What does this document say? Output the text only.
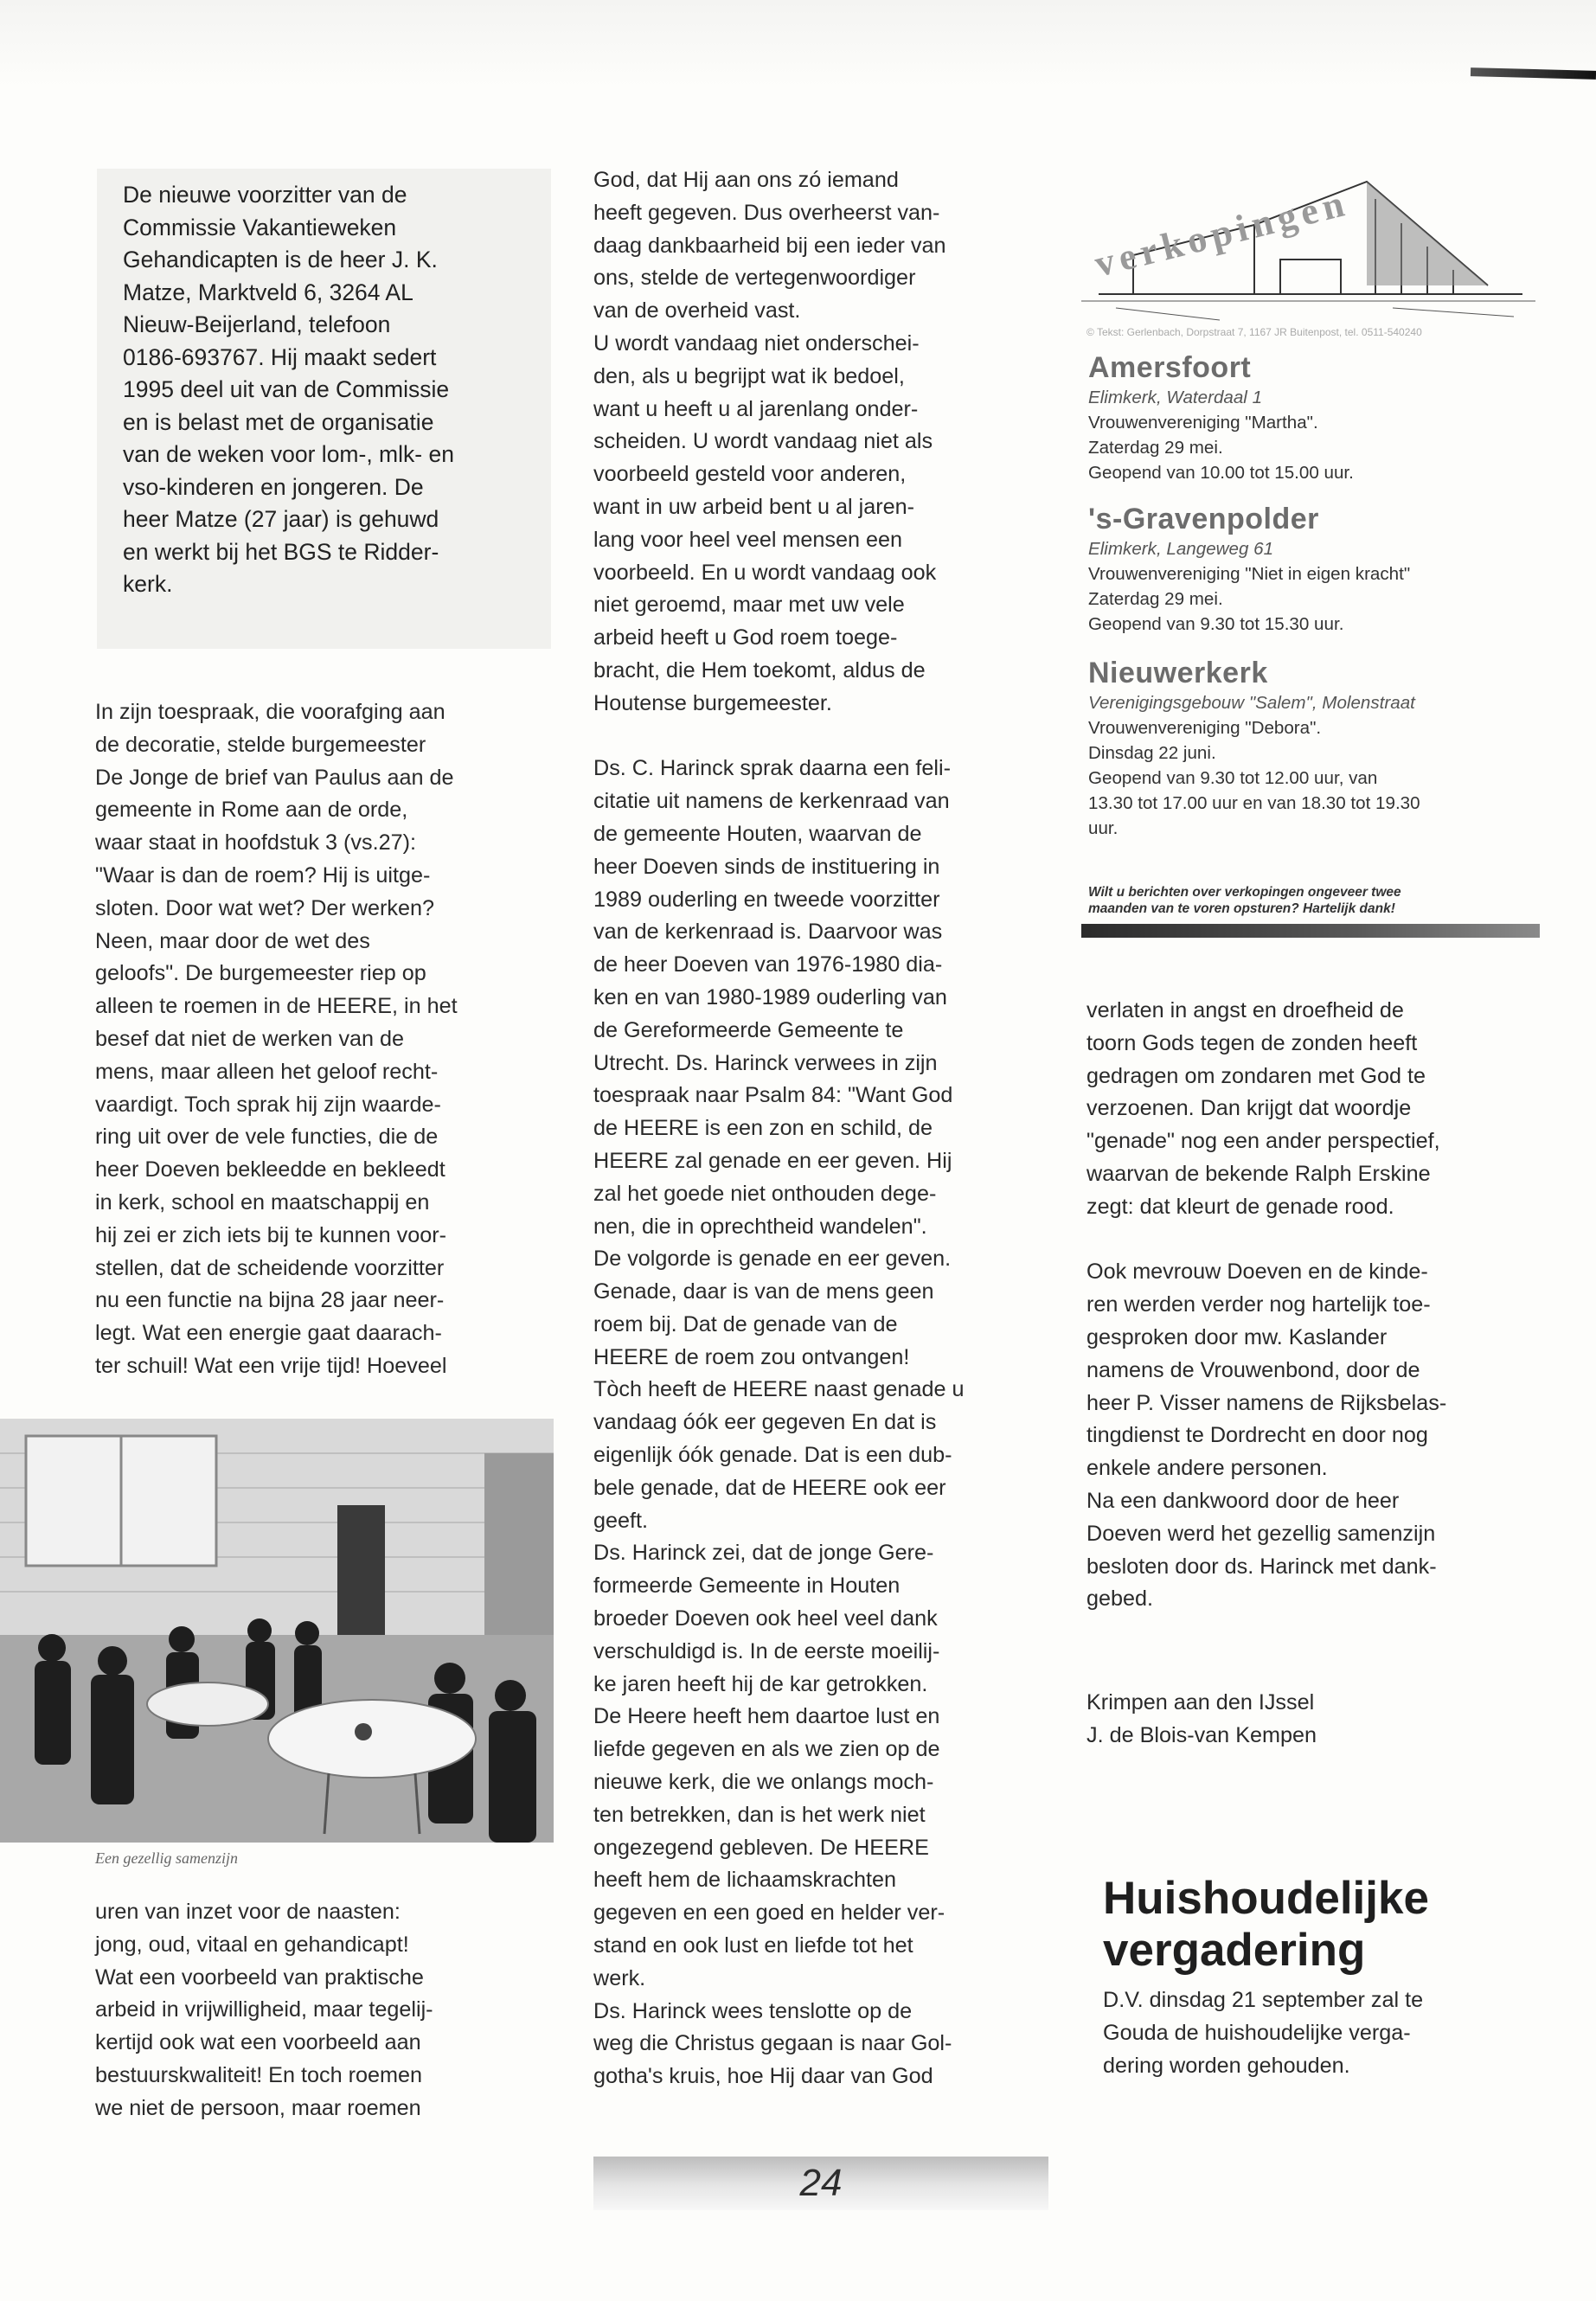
De nieuwe voorzitter van de
Commissie Vakantieweken
Gehandicapten is de heer J. K.
Matze, Marktveld 6, 3264 AL
Nieuw-Beijerland, telefoon
0186-693767. Hij maakt sedert
1995 deel uit van de Commissie
en is belast met de organisatie
van de weken voor lom-, mlk- en
vso-kinderen en jongeren. De
heer Matze (27 jaar) is gehuwd
en werkt bij het BGS te Ridder-
kerk.

In zijn toespraak, die voorafging aan
de decoratie, stelde burgemeester
De Jonge de brief van Paulus aan de
gemeente in Rome aan de orde,
waar staat in hoofdstuk 3 (vs.27):
"Waar is dan de roem? Hij is uitge-
sloten. Door wat wet? Der werken?
Neen, maar door de wet des
geloofs". De burgemeester riep op
alleen te roemen in de HEERE, in het
besef dat niet de werken van de
mens, maar alleen het geloof recht-
vaardigt. Toch sprak hij zijn waarde-
ring uit over de vele functies, die de
heer Doeven bekleedde en bekleedt
in kerk, school en maatschappij en
hij zei er zich iets bij te kunnen voor-
stellen, dat de scheidende voorzitter
nu een functie na bijna 28 jaar neer-
legt. Wat een energie gaat daarach-
ter schuil! Wat een vrije tijd! Hoeveel

Een gezellig samenzijn

uren van inzet voor de naasten:
jong, oud, vitaal en gehandicapt!
Wat een voorbeeld van praktische
arbeid in vrijwilligheid, maar tegelij-
kertijd ook wat een voorbeeld aan
bestuurskwaliteit! En toch roemen
we niet de persoon, maar roemen

God, dat Hij aan ons zó iemand
heeft gegeven. Dus overheerst van-
daag dankbaarheid bij een ieder van
ons, stelde de vertegenwoordiger
van de overheid vast.

U wordt vandaag niet onderschei-
den, als u begrijpt wat ik bedoel,
want u heeft u al jarenlang onder-
scheiden. U wordt vandaag niet als
voorbeeld gesteld voor anderen,
want in uw arbeid bent u al jaren-
lang voor heel veel mensen een
voorbeeld. En u wordt vandaag ook
niet geroemd, maar met uw vele
arbeid heeft u God roem toege-
bracht, die Hem toekomt, aldus de
Houtense burgemeester.

Ds. C. Harinck sprak daarna een feli-
citatie uit namens de kerkenraad van
de gemeente Houten, waarvan de
heer Doeven sinds de instituering in
1989 ouderling en tweede voorzitter
van de kerkenraad is. Daarvoor was
de heer Doeven van 1976-1980 dia-
ken en van 1980-1989 ouderling van
de Gereformeerde Gemeente te
Utrecht. Ds. Harinck verwees in zijn
toespraak naar Psalm 84: "Want God
de HEERE is een zon en schild, de
HEERE zal genade en eer geven. Hij
zal het goede niet onthouden dege-
nen, die in oprechtheid wandelen".
De volgorde is genade en eer geven.
Genade, daar is van de mens geen
roem bij. Dat de genade van de
HEERE de roem zou ontvangen!
Tòch heeft de HEERE naast genade u
vandaag óók eer gegeven En dat is
eigenlijk óók genade. Dat is een dub-
bele genade, dat de HEERE ook eer
geeft.

Ds. Harinck zei, dat de jonge Gere-
formeerde Gemeente in Houten
broeder Doeven ook heel veel dank
verschuldigd is. In de eerste moeilij-
ke jaren heeft hij de kar getrokken.
De Heere heeft hem daartoe lust en
liefde gegeven en als we zien op de
nieuwe kerk, die we onlangs moch-
ten betrekken, dan is het werk niet
ongezegend gebleven. De HEERE
heeft hem de lichaamskrachten
gegeven en een goed en helder ver-
stand en ook lust en liefde tot het
werk.

Ds. Harinck wees tenslotte op de
weg die Christus gegaan is naar Gol-
gotha's kruis, hoe Hij daar van God

verkopingen
© Tekst: Gerlenbach, Dorpstraat 7, 1167 JR Buitenpost, tel. 0511-540240
Amersfoort
Elimkerk, Waterdaal 1
Vrouwenvereniging "Martha".
Zaterdag 29 mei.
Geopend van 10.00 tot 15.00 uur.
's-Gravenpolder
Elimkerk, Langeweg 61
Vrouwenvereniging "Niet in eigen kracht"
Zaterdag 29 mei.
Geopend van 9.30 tot 15.30 uur.
Nieuwerkerk
Verenigingsgebouw "Salem", Molenstraat
Vrouwenvereniging "Debora".
Dinsdag 22 juni.
Geopend van 9.30 tot 12.00 uur, van
13.30 tot 17.00 uur en van 18.30 tot 19.30
uur.
Wilt u berichten over verkopingen ongeveer twee
maanden van te voren opsturen? Hartelijk dank!

verlaten in angst en droefheid de
toorn Gods tegen de zonden heeft
gedragen om zondaren met God te
verzoenen. Dan krijgt dat woordje
"genade" nog een ander perspectief,
waarvan de bekende Ralph Erskine
zegt: dat kleurt de genade rood.

Ook mevrouw Doeven en de kinde-
ren werden verder nog hartelijk toe-
gesproken door mw. Kaslander
namens de Vrouwenbond, door de
heer P. Visser namens de Rijksbelas-
tingdienst te Dordrecht en door nog
enkele andere personen.

Na een dankwoord door de heer
Doeven werd het gezellig samenzijn
besloten door ds. Harinck met dank-
gebed.

Krimpen aan den IJssel
J. de Blois-van Kempen
Huishoudelijke
vergadering

D.V. dinsdag 21 september zal te
Gouda de huishoudelijke verga-
dering worden gehouden.

24
